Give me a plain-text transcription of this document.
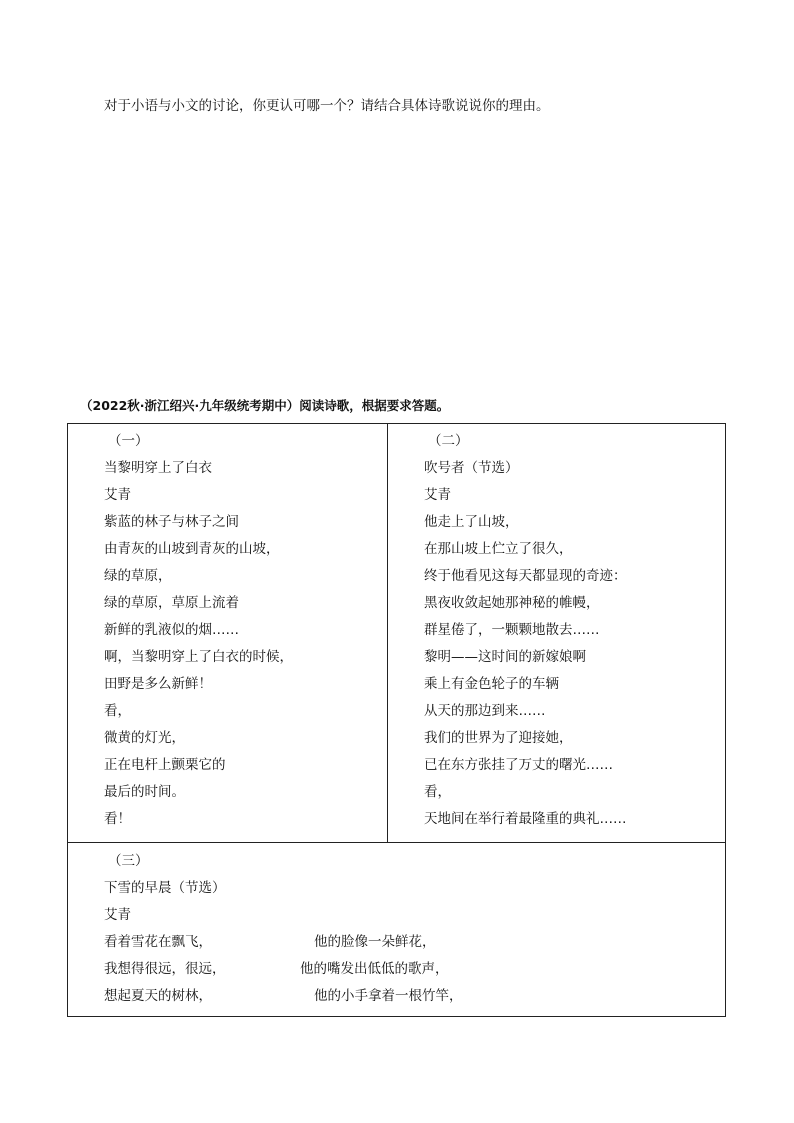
对于小语与小文的讨论，你更认可哪一个？请结合具体诗歌说说你的理由。
（2022秋·浙江绍兴·九年级统考期中）阅读诗歌，根据要求答题。
（一）
当黎明穿上了白衣
艾青
紫蓝的林子与林子之间
由青灰的山坡到青灰的山坡，
绿的草原，
绿的草原，草原上流着
新鲜的乳液似的烟……
啊，当黎明穿上了白衣的时候，
田野是多么新鲜！
看，
微黄的灯光，
正在电杆上颤栗它的
最后的时间。
看！
（二）
吹号者（节选）
艾青
他走上了山坡，
在那山坡上伫立了很久，
终于他看见这每天都显现的奇迹：
黑夜收敛起她那神秘的帷幔，
群星倦了，一颗颗地散去……
黎明——这时间的新嫁娘啊
乘上有金色轮子的车辆
从天的那边到来……
我们的世界为了迎接她，
已在东方张挂了万丈的曙光……
看，
天地间在举行着最隆重的典礼……
（三）
下雪的早晨（节选）
艾青
看着雪花在飘飞，	他的脸像一朵鲜花，
我想得很远，很远，	他的嘴发出低低的歌声，
想起夏天的树林，	他的小手拿着一根竹竿，
